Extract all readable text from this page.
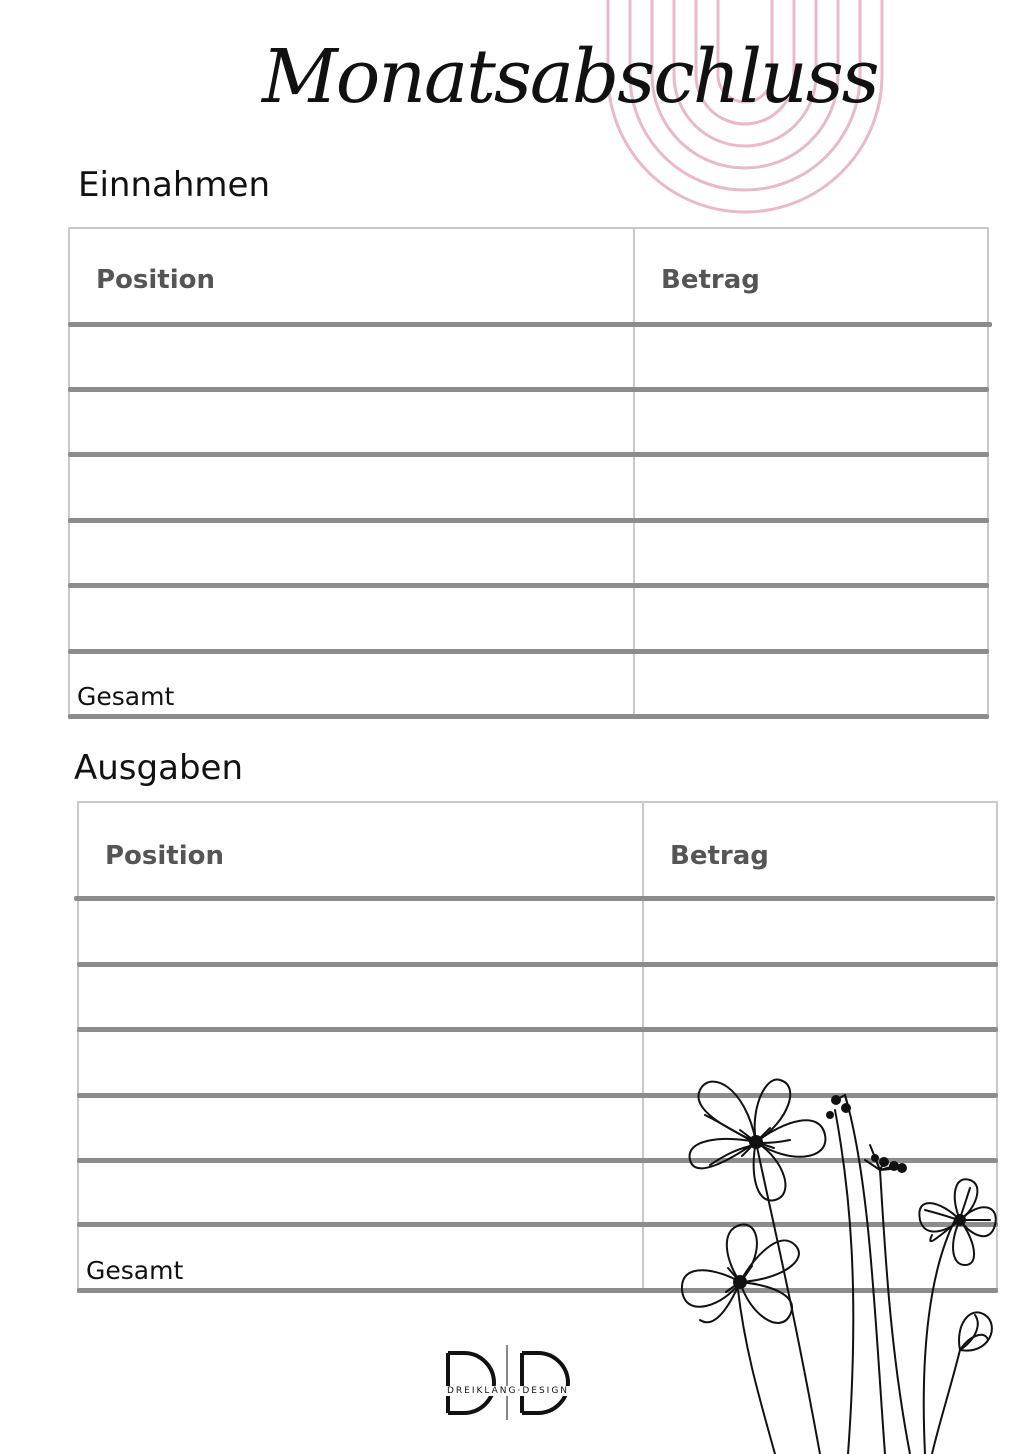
Monatsabschluss
Einnahmen
Position	Betrag
Gesamt
Ausgaben
Position	Betrag
Gesamt
DREIKLANG·DESIGN
